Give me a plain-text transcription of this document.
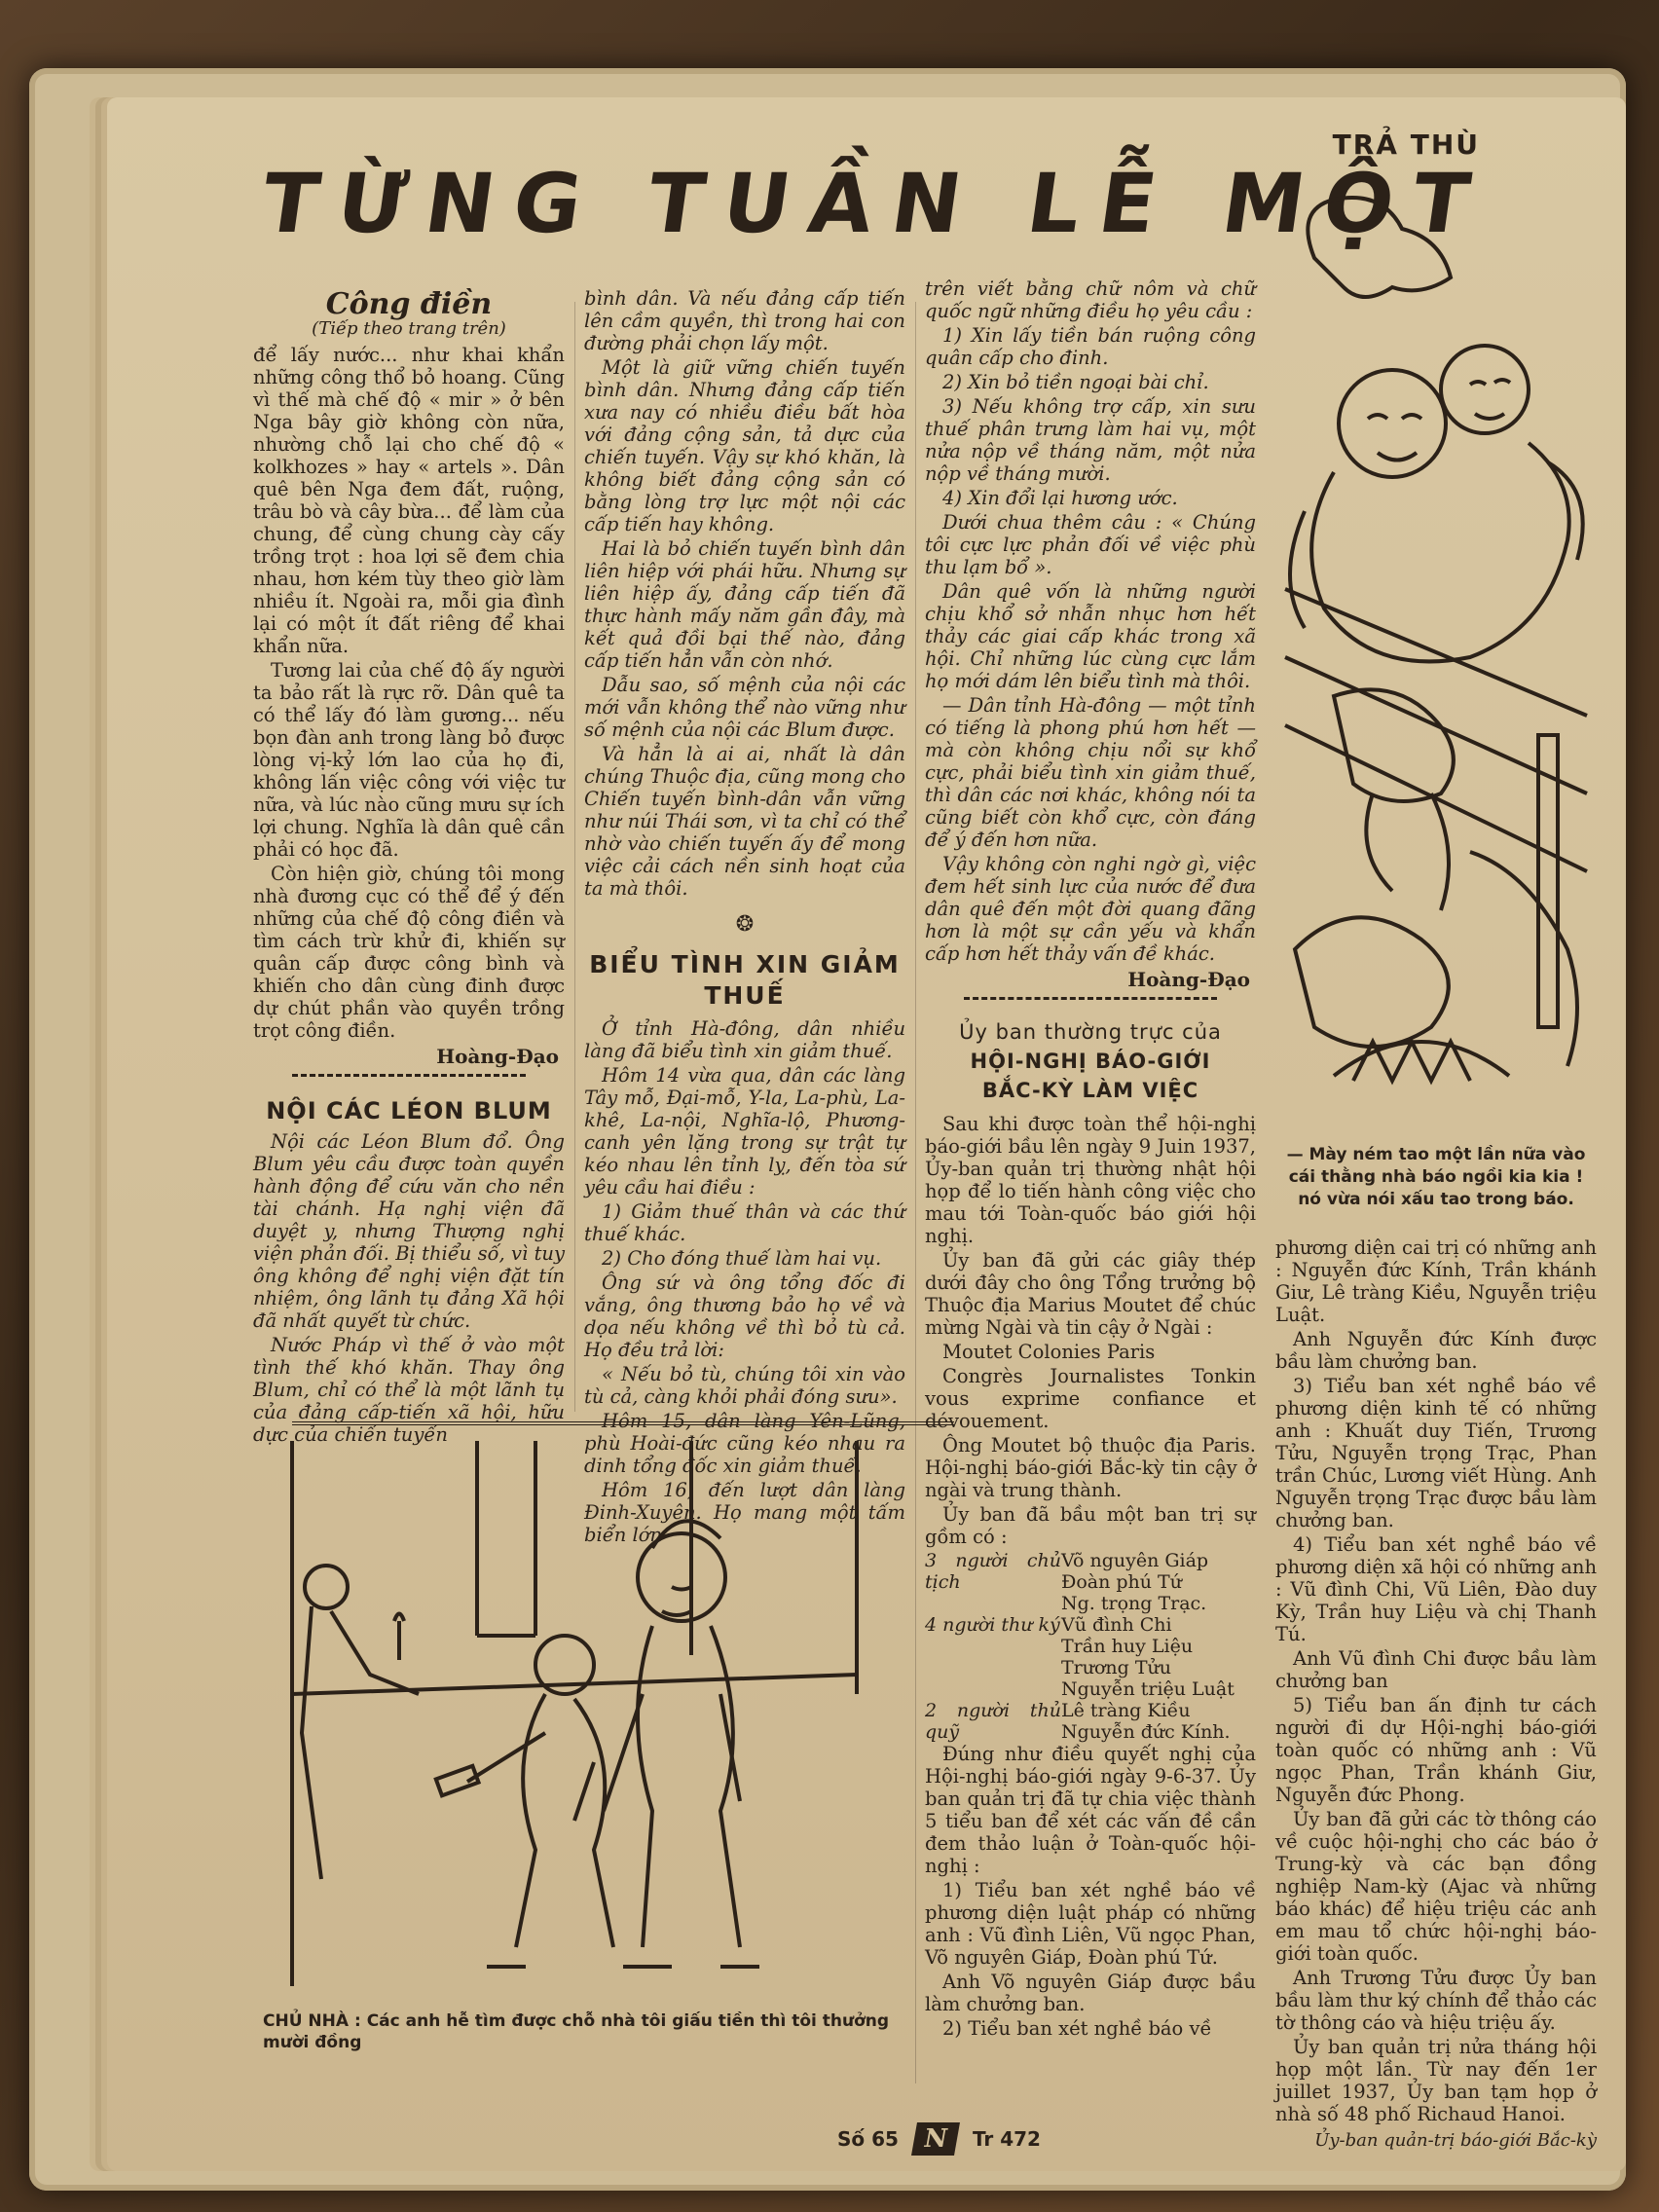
TRẢ THÙ
TỪNG TUẦN LỄ MỘT
Công điền
(Tiếp theo trang trên)

để lấy nước... như khai khẩn những công thổ bỏ hoang. Cũng vì thế mà chế độ « mir » ở bên Nga bây giờ không còn nữa, nhường chỗ lại cho chế độ « kolkhozes » hay « artels ». Dân quê bên Nga đem đất, ruộng, trâu bò và cây bừa... để làm của chung, để cùng chung cày cấy trồng trọt : hoa lợi sẽ đem chia nhau, hơn kém tùy theo giờ làm nhiều ít. Ngoài ra, mỗi gia đình lại có một ít đất riêng để khai khẩn nữa.

Tương lai của chế độ ấy người ta bảo rất là rực rỡ. Dân quê ta có thể lấy đó làm gương... nếu bọn đàn anh trong làng bỏ được lòng vị-kỷ lớn lao của họ đi, không lấn việc công với việc tư nữa, và lúc nào cũng mưu sự ích lợi chung. Nghĩa là dân quê cần phải có học đã.

Còn hiện giờ, chúng tôi mong nhà đương cục có thể để ý đến những của chế độ công điền và tìm cách trừ khử đi, khiến sự quân cấp được công bình và khiến cho dân cùng đinh được dự chút phần vào quyền trồng trọt công điền.

Hoàng-Đạo
NỘI CÁC LÉON BLUM

Nội các Léon Blum đổ. Ông Blum yêu cầu được toàn quyền hành động để cứu văn cho nền tài chánh. Hạ nghị viện đã duyệt y, nhưng Thượng nghị viện phản đối. Bị thiểu số, vì tuy ông không để nghị viện đặt tín nhiệm, ông lãnh tụ đảng Xã hội đã nhất quyết từ chức.

Nước Pháp vì thế ở vào một tình thế khó khăn. Thay ông Blum, chỉ có thể là một lãnh tụ của đảng cấp-tiến xã hội, hữu dực của chiến tuyến

bình dân. Và nếu đảng cấp tiến lên cầm quyền, thì trong hai con đường phải chọn lấy một.

Một là giữ vững chiến tuyến bình dân. Nhưng đảng cấp tiến xưa nay có nhiều điều bất hòa với đảng cộng sản, tả dực của chiến tuyến. Vậy sự khó khăn, là không biết đảng cộng sản có bằng lòng trợ lực một nội các cấp tiến hay không.

Hai là bỏ chiến tuyến bình dân liên hiệp với phái hữu. Nhưng sự liên hiệp ấy, đảng cấp tiến đã thực hành mấy năm gần đây, mà kết quả đồi bại thế nào, đảng cấp tiến hẳn vẫn còn nhớ.

Dẫu sao, số mệnh của nội các mới vẫn không thể nào vững như số mệnh của nội các Blum được.

Và hẳn là ai ai, nhất là dân chúng Thuộc địa, cũng mong cho Chiến tuyến bình-dân vẫn vững như núi Thái sơn, vì ta chỉ có thể nhờ vào chiến tuyến ấy để mong việc cải cách nền sinh hoạt của ta mà thôi.

❂
BIỂU TÌNH XIN GIẢM THUẾ

Ở tỉnh Hà-đông, dân nhiều làng đã biểu tình xin giảm thuế.

Hôm 14 vừa qua, dân các làng Tây mỗ, Đại-mỗ, Y-la, La-phù, La-khê, La-nội, Nghĩa-lộ, Phương-canh yên lặng trong sự trật tự kéo nhau lên tỉnh lỵ, đến tòa sứ yêu cầu hai điều :

1) Giảm thuế thân và các thứ thuế khác.

2) Cho đóng thuế làm hai vụ.

Ông sứ và ông tổng đốc đi vắng, ông thương bảo họ về và dọa nếu không về thì bỏ tù cả. Họ đều trả lời:

« Nếu bỏ tù, chúng tôi xin vào tù cả, càng khỏi phải đóng sưu».

Hôm 15, dân làng Yên-Lũng, phù Hoài-đức cũng kéo nhau ra dinh tổng đốc xin giảm thuế.

Hôm 16, đến lượt dân làng Đinh-Xuyên. Họ mang một tấm biển lớn

trên viết bằng chữ nôm và chữ quốc ngữ những điều họ yêu cầu :

1) Xin lấy tiền bán ruộng công quân cấp cho đinh.

2) Xin bỏ tiền ngoại bài chỉ.

3) Nếu không trợ cấp, xin sưu thuế phân trưng làm hai vụ, một nửa nộp về tháng năm, một nửa nộp về tháng mười.

4) Xin đổi lại hương ước.

Dưới chua thêm câu : « Chúng tôi cực lực phản đối về việc phù thu lạm bổ ».

Dân quê vốn là những người chịu khổ sở nhẫn nhục hơn hết thảy các giai cấp khác trong xã hội. Chỉ những lúc cùng cực lắm họ mới dám lên biểu tình mà thôi.

— Dân tỉnh Hà-đông — một tỉnh có tiếng là phong phú hơn hết — mà còn không chịu nổi sự khổ cực, phải biểu tình xin giảm thuế, thì dân các nơi khác, không nói ta cũng biết còn khổ cực, còn đáng để ý đến hơn nữa.

Vậy không còn nghi ngờ gì, việc đem hết sinh lực của nước để đưa dân quê đến một đời quang đãng hơn là một sự cần yếu và khẩn cấp hơn hết thảy vấn đề khác.

Hoàng-Đạo
Ủy ban thường trực của
HỘI-NGHỊ BÁO-GIỚI
BẮC-KỲ LÀM VIỆC

Sau khi được toàn thể hội-nghị báo-giới bầu lên ngày 9 Juin 1937, Ủy-ban quản trị thường nhật hội họp để lo tiến hành công việc cho mau tới Toàn-quốc báo giới hội nghị.

Ủy ban đã gửi các giây thép dưới đây cho ông Tổng trưởng bộ Thuộc địa Marius Moutet để chúc mừng Ngài và tin cậy ở Ngài :

Moutet Colonies Paris

Congrès Journalistes Tonkin vous exprime confiance et dévouement.

Ông Moutet bộ thuộc địa Paris. Hội-nghị báo-giới Bắc-kỳ tin cậy ở ngài và trung thành.

Ủy ban đã bầu một ban trị sự gồm có :

3 người chủ tịch
Võ nguyên Giáp
Đoàn phú Tứ
Ng. trọng Trạc.
4 người thư ký Vũ đình Chi
Trần huy Liệu
Trương Tửu
Nguyễn triệu Luật
2 người thủ quỹ
Lê tràng Kiều
Nguyễn đức Kính.

Đúng như điều quyết nghị của Hội-nghị báo-giới ngày 9-6-37. Ủy ban quản trị đã tự chia việc thành 5 tiểu ban để xét các vấn đề cần đem thảo luận ở Toàn-quốc hội-nghị :

1) Tiểu ban xét nghề báo về phương diện luật pháp có những anh : Vũ đình Liên, Vũ ngọc Phan, Võ nguyên Giáp, Đoàn phú Tứ.

Anh Võ nguyên Giáp được bầu làm chưởng ban.

2) Tiểu ban xét nghề báo về

— Mày ném tao một lần nữa vào cái thằng nhà báo ngồi kia kia ! nó vừa nói xấu tao trong báo.

phương diện cai trị có những anh : Nguyễn đức Kính, Trần khánh Giư, Lê tràng Kiều, Nguyễn triệu Luật.

Anh Nguyễn đức Kính được bầu làm chưởng ban.

3) Tiểu ban xét nghề báo về phương diện kinh tế có những anh : Khuất duy Tiến, Trương Tửu, Nguyễn trọng Trạc, Phan trần Chúc, Lương viết Hùng. Anh Nguyễn trọng Trạc được bầu làm chưởng ban.

4) Tiểu ban xét nghề báo về phương diện xã hội có những anh : Vũ đình Chi, Vũ Liên, Đào duy Kỳ, Trần huy Liệu và chị Thanh Tú.

Anh Vũ đình Chi được bầu làm chưởng ban

5) Tiểu ban ấn định tư cách người đi dự Hội-nghị báo-giới toàn quốc có những anh : Vũ ngọc Phan, Trần khánh Giư, Nguyễn đức Phong.

Ủy ban đã gửi các tờ thông cáo về cuộc hội-nghị cho các báo ở Trung-kỳ và các bạn đồng nghiệp Nam-kỳ (Ajac và những báo khác) để hiệu triệu các anh em mau tổ chức hội-nghị báo-giới toàn quốc.

Anh Trương Tửu được Ủy ban bầu làm thư ký chính để thảo các tờ thông cáo và hiệu triệu ấy.

Ủy ban quản trị nửa tháng hội họp một lần. Từ nay đến 1er juillet 1937, Ủy ban tạm họp ở nhà số 48 phố Richaud Hanoi.

Ủy-ban quản-trị báo-giới Bắc-kỳ
CHỦ NHÀ : Các anh hễ tìm được chỗ nhà tôi giấu tiền thì tôi thưởng mười đồng
Số 65 N	Tr 472
